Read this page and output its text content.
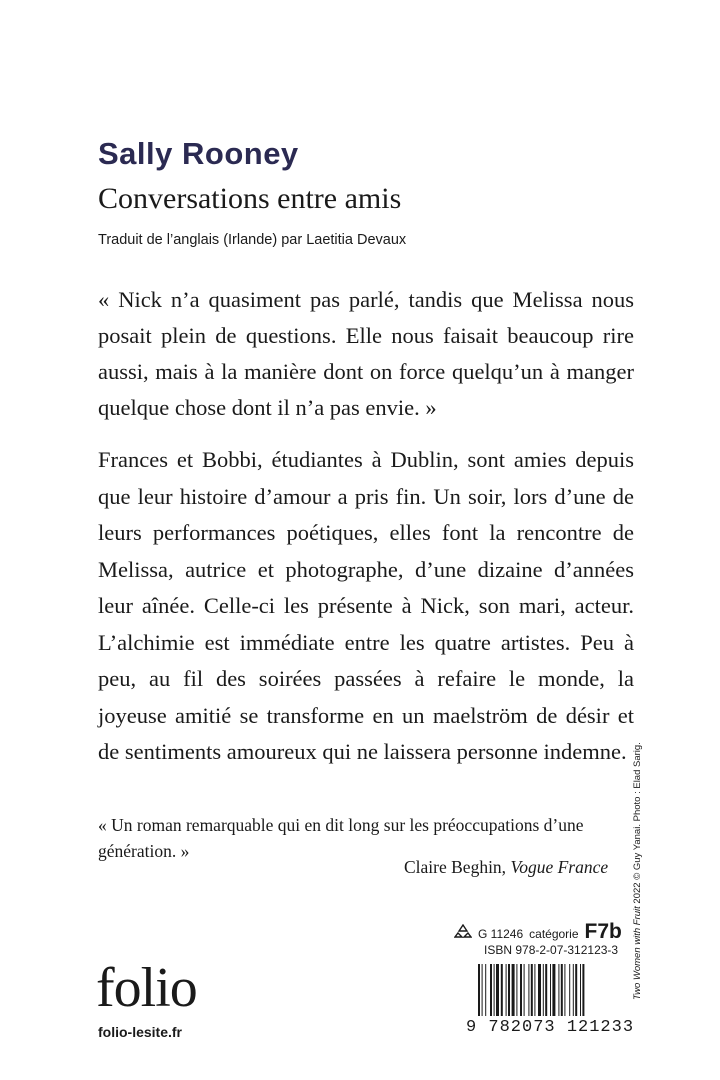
Sally Rooney
Conversations entre amis
Traduit de l’anglais (Irlande) par Laetitia Devaux
« Nick n’a quasiment pas parlé, tandis que Melissa nous posait plein de questions. Elle nous faisait beaucoup rire aussi, mais à la manière dont on force quelqu’un à manger quelque chose dont il n’a pas envie. »
Frances et Bobbi, étudiantes à Dublin, sont amies depuis que leur histoire d’amour a pris fin. Un soir, lors d’une de leurs performances poétiques, elles font la rencontre de Melissa, autrice et photographe, d’une dizaine d’années leur aînée. Celle-ci les présente à Nick, son mari, acteur. L’alchimie est immédiate entre les quatre artistes. Peu à peu, au fil des soirées passées à refaire le monde, la joyeuse amitié se transforme en un maelström de désir et de sentiments amoureux qui ne laissera personne indemne.
« Un roman remarquable qui en dit long sur les préoccupations d’une génération. »
Claire Beghin, Vogue France
Two Women with Fruit 2022 © Guy Yanai. Photo : Elad Sarig.
G 11246 catégorie F7b
ISBN 978-2-07-312123-3
9 782073 121233
folio
folio-lesite.fr
